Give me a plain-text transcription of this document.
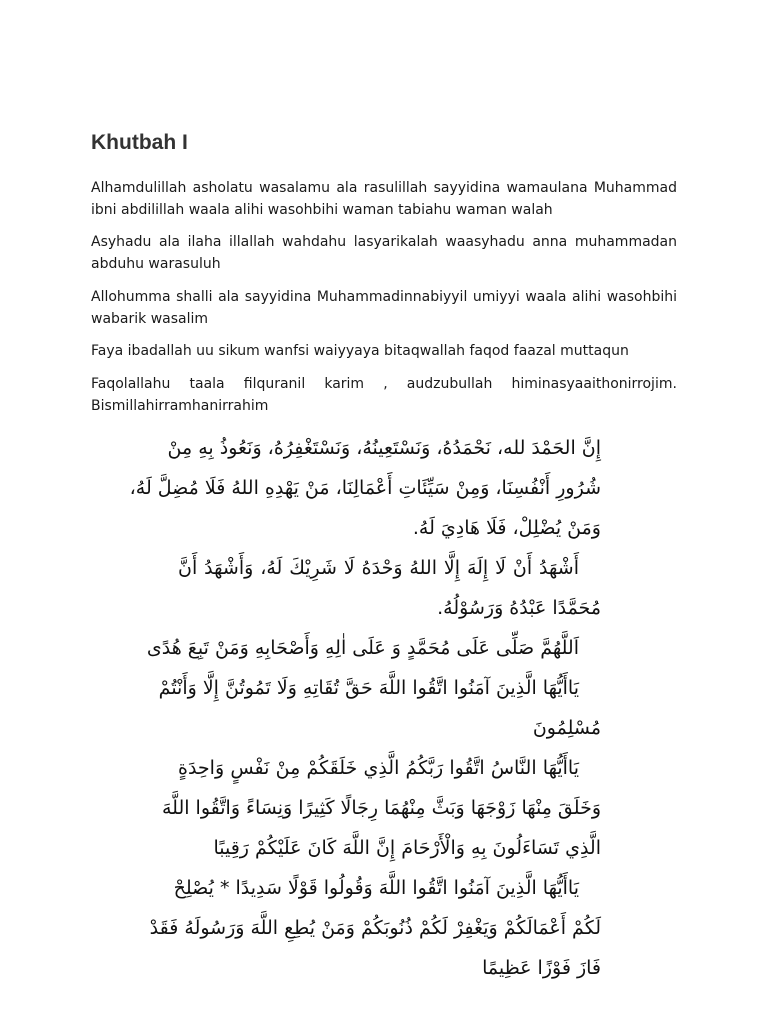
Khutbah I

Alhamdulillah asholatu wasalamu ala rasulillah sayyidina wamaulana Muhammad ibni abdilillah waala alihi wasohbihi waman tabiahu waman walah

Asyhadu ala ilaha illallah wahdahu lasyarikalah waasyhadu anna muhammadan abduhu warasuluh

Allohumma shalli ala sayyidina Muhammadinnabiyyil umiyyi waala alihi wasohbihi wabarik wasalim

Faya ibadallah uu sikum wanfsi waiyyaya bitaqwallah faqod faazal muttaqun

Faqolallahu taala filquranil karim , audzubullah himinasyaaithonirrojim.
Bismillahirramhanirrahim
إِنَّ الحَمْدَ لله، نَحْمَدُهُ، وَنَسْتَعِينُهُ، وَنَسْتَغْفِرُهُ، وَنَعُوذُ بِهِ مِنْ
شُرُورِ أَنْفُسِنَا، وَمِنْ سَيِّئَاتِ أَعْمَالِنَا، مَنْ يَهْدِهِ اللهُ فَلَا مُضِلَّ لَهُ،
وَمَنْ يُضْلِلْ، فَلَا هَادِيَ لَهُ.
أَشْهَدُ أَنْ لَا إِلَهَ إِلَّا اللهُ وَحْدَهُ لَا شَرِيْكَ لَهُ، وَأَشْهَدُ أَنَّ
مُحَمَّدًا عَبْدُهُ وَرَسُوْلُهُ.
اَللَّهُمَّ صَلِّى عَلَى مُحَمَّدٍ وَ عَلَى اٰلِهِ وَأَصْحَابِهِ وَمَنْ تَبِعَ هُدًى
يَاأَيُّهَا الَّذِينَ آمَنُوا اتَّقُوا اللَّهَ حَقَّ تُقَاتِهِ وَلَا تَمُوتُنَّ إِلَّا وَأَنْتُمْ
مُسْلِمُونَ
يَاأَيُّهَا النَّاسُ اتَّقُوا رَبَّكُمُ الَّذِي خَلَقَكُمْ مِنْ نَفْسٍ وَاحِدَةٍ
وَخَلَقَ مِنْهَا زَوْجَهَا وَبَثَّ مِنْهُمَا رِجَالًا كَثِيرًا وَنِسَاءً وَاتَّقُوا اللَّهَ
الَّذِي تَسَاءَلُونَ بِهِ وَالْأَرْحَامَ إِنَّ اللَّهَ كَانَ عَلَيْكُمْ رَقِيبًا
يَاأَيُّهَا الَّذِينَ آمَنُوا اتَّقُوا اللَّهَ وَقُولُوا قَوْلًا سَدِيدًا * يُصْلِحْ
لَكُمْ أَعْمَالَكُمْ وَيَغْفِرْ لَكُمْ ذُنُوبَكُمْ وَمَنْ يُطِعِ اللَّهَ وَرَسُولَهُ فَقَدْ
فَازَ فَوْزًا عَظِيمًا
